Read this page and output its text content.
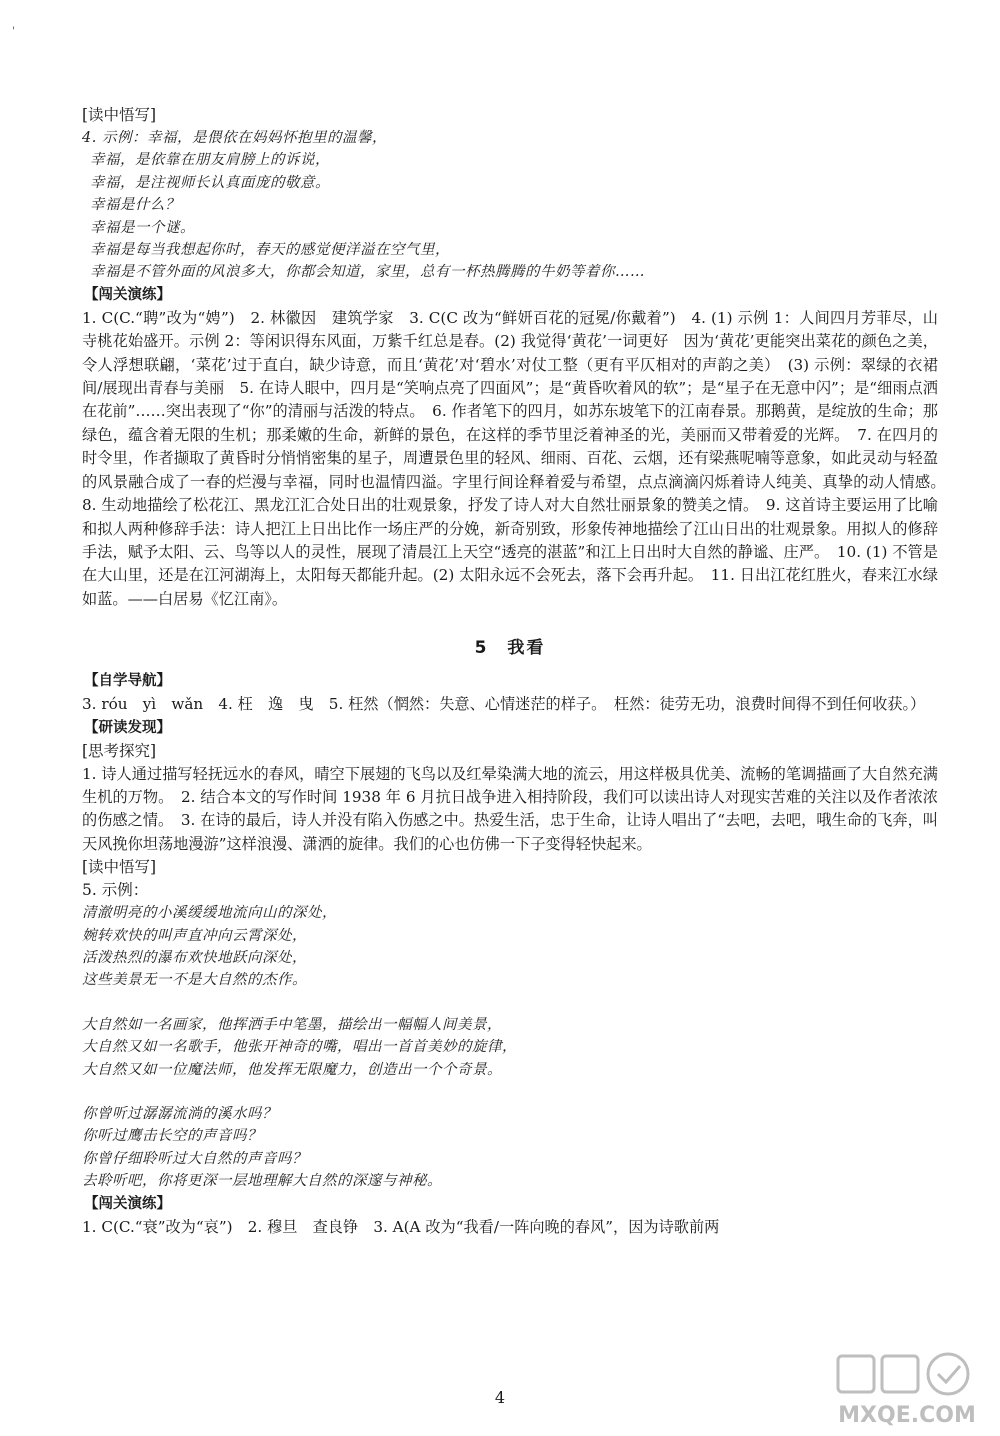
'
[读中悟写]
4. 示例：幸福，是偎依在妈妈怀抱里的温馨，
幸福，是依靠在朋友肩膀上的诉说，
幸福，是注视师长认真面庞的敬意。
幸福是什么？
幸福是一个谜。
幸福是每当我想起你时，春天的感觉便洋溢在空气里，
幸福是不管外面的风浪多大，你都会知道，家里，总有一杯热腾腾的牛奶等着你……
【闯关演练】

1. C(C.“聘”改为“娉”)　2. 林徽因　建筑学家　3. C(C 改为“鲜妍百花的冠冕/你戴着”)　4. (1) 示例 1：人间四月芳菲尽，山寺桃花始盛开。示例 2：等闲识得东风面，万紫千红总是春。(2) 我觉得‘黄花’一词更好　因为‘黄花’更能突出菜花的颜色之美，令人浮想联翩，‘菜花’过于直白，缺少诗意，而且‘黄花’对‘碧水’对仗工整（更有平仄相对的声韵之美）　(3) 示例：翠绿的衣裙间/展现出青春与美丽　5. 在诗人眼中，四月是“笑响点亮了四面风”；是“黄昏吹着风的软”；是“星子在无意中闪”；是“细雨点洒在花前”……突出表现了“你”的清丽与活泼的特点。　6. 作者笔下的四月，如苏东坡笔下的江南春景。那鹅黄，是绽放的生命；那绿色，蕴含着无限的生机；那柔嫩的生命，新鲜的景色，在这样的季节里泛着神圣的光，美丽而又带着爱的光辉。　7. 在四月的时令里，作者撷取了黄昏时分悄悄密集的星子，周遭景色里的轻风、细雨、百花、云烟，还有梁燕呢喃等意象，如此灵动与轻盈的风景融合成了一春的烂漫与幸福，同时也温情四溢。字里行间诠释着爱与希望，点点滴滴闪烁着诗人纯美、真挚的动人情感。　8. 生动地描绘了松花江、黑龙江汇合处日出的壮观景象，抒发了诗人对大自然壮丽景象的赞美之情。　9. 这首诗主要运用了比喻和拟人两种修辞手法：诗人把江上日出比作一场庄严的分娩，新奇别致，形象传神地描绘了江山日出的壮观景象。用拟人的修辞手法，赋予太阳、云、鸟等以人的灵性，展现了清晨江上天空“透亮的湛蓝”和江上日出时大自然的静谧、庄严。　10. (1) 不管是在大山里，还是在江河湖海上，太阳每天都能升起。(2) 太阳永远不会死去，落下会再升起。　11. 日出江花红胜火，春来江水绿如蓝。——白居易《忆江南》。

5　我看
【自学导航】

3. róu　yì　wǎn　4. 枉　逸　曳　5. 枉然（惘然：失意、心情迷茫的样子。　枉然：徒劳无功，浪费时间得不到任何收获。）

【研读发现】
[思考探究]

1. 诗人通过描写轻抚远水的春风，晴空下展翅的飞鸟以及红晕染满大地的流云，用这样极具优美、流畅的笔调描画了大自然充满生机的万物。　2. 结合本文的写作时间 1938 年 6 月抗日战争进入相持阶段，我们可以读出诗人对现实苦难的关注以及作者浓浓的伤感之情。　3. 在诗的最后，诗人并没有陷入伤感之中。热爱生活，忠于生命，让诗人唱出了“去吧，去吧，哦生命的飞奔，叫天风挽你坦荡地漫游”这样浪漫、潇洒的旋律。我们的心也仿佛一下子变得轻快起来。

[读中悟写]
5. 示例：
清澈明亮的小溪缓缓地流向山的深处，
婉转欢快的叫声直冲向云霄深处，
活泼热烈的瀑布欢快地跃向深处，
这些美景无一不是大自然的杰作。
大自然如一名画家，他挥洒手中笔墨，描绘出一幅幅人间美景，
大自然又如一名歌手，他张开神奇的嘴，唱出一首首美妙的旋律，
大自然又如一位魔法师，他发挥无限魔力，创造出一个个奇景。
你曾听过潺潺流淌的溪水吗？
你听过鹰击长空的声音吗？
你曾仔细聆听过大自然的声音吗？
去聆听吧，你将更深一层地理解大自然的深邃与神秘。
【闯关演练】

1. C(C.“衰”改为“哀”)　2. 穆旦　查良铮　3. A(A 改为“我看/一阵向晚的春风”，因为诗歌前两

4
MXQE.COM
